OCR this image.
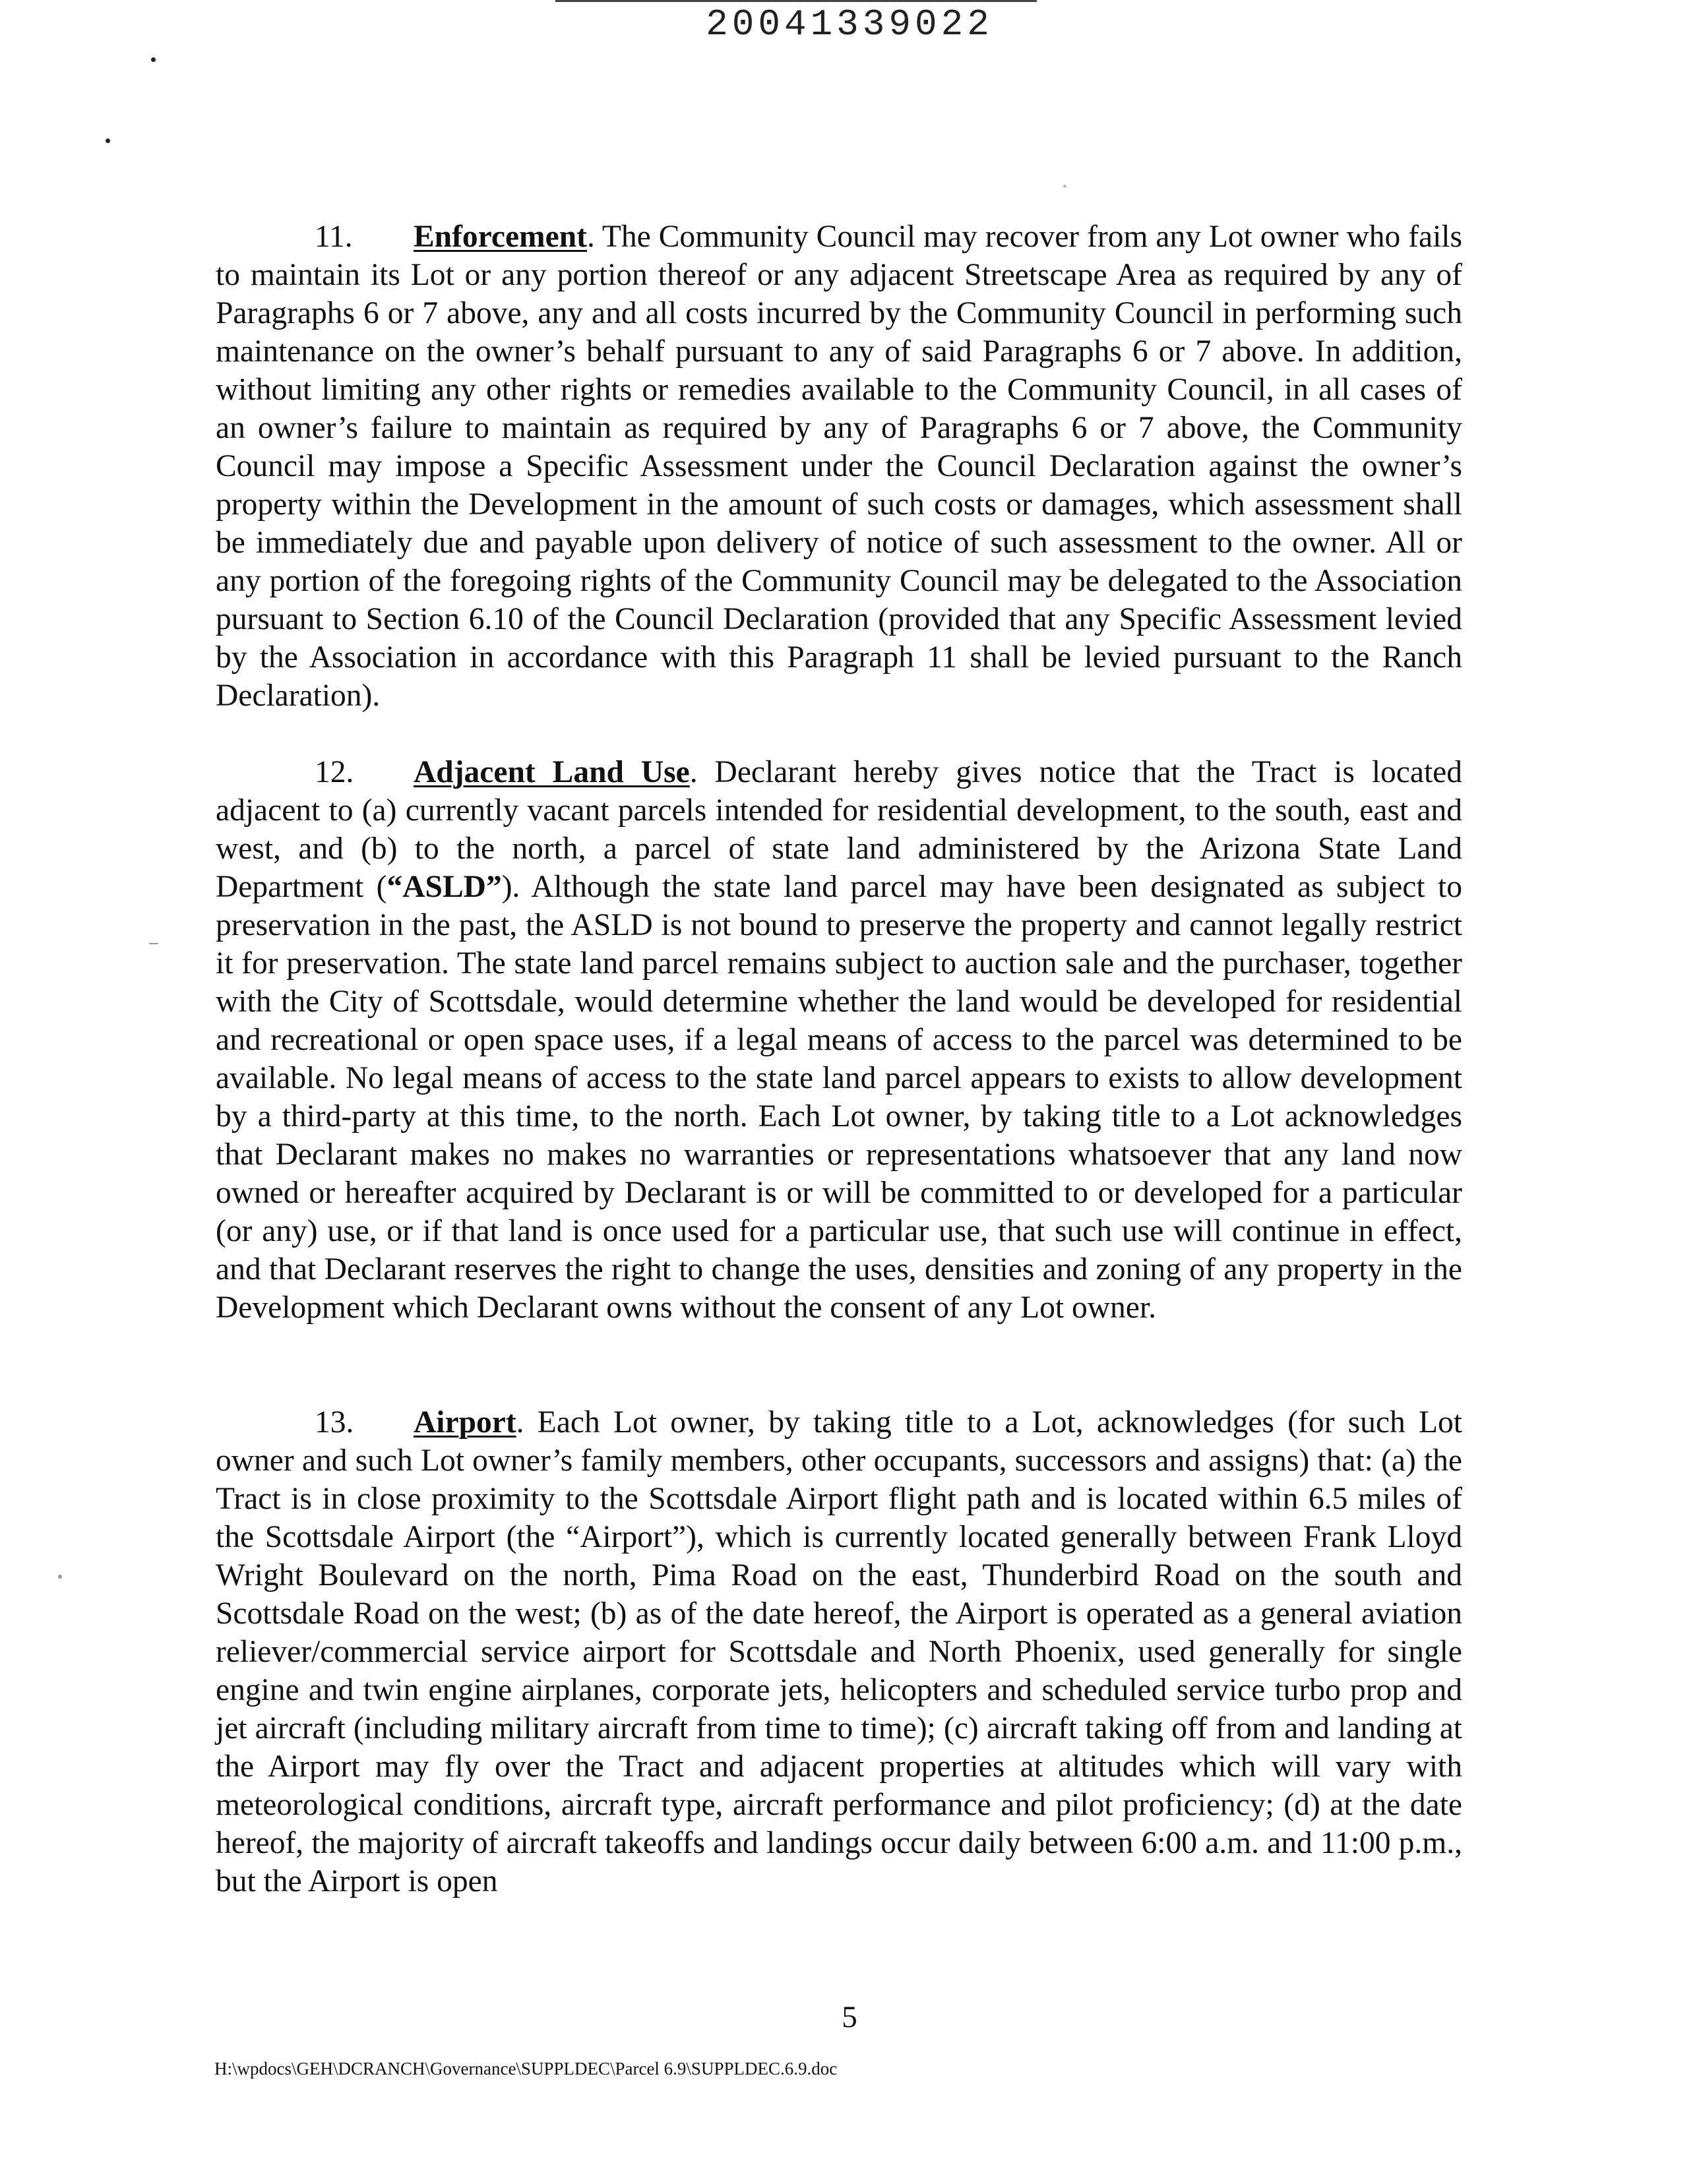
20041339022

11. Enforcement. The Community Council may recover from any Lot owner who fails to maintain its Lot or any portion thereof or any adjacent Streetscape Area as required by any of Paragraphs 6 or 7 above, any and all costs incurred by the Community Council in performing such maintenance on the owner’s behalf pursuant to any of said Paragraphs 6 or 7 above. In addition, without limiting any other rights or remedies available to the Community Council, in all cases of an owner’s failure to maintain as required by any of Paragraphs 6 or 7 above, the Community Council may impose a Specific Assessment under the Council Declaration against the owner’s property within the Development in the amount of such costs or damages, which assessment shall be immediately due and payable upon delivery of notice of such assessment to the owner. All or any portion of the foregoing rights of the Community Council may be delegated to the Association pursuant to Section 6.10 of the Council Declaration (provided that any Specific Assessment levied by the Association in accordance with this Paragraph 11 shall be levied pursuant to the Ranch Declaration).

12. Adjacent Land Use. Declarant hereby gives notice that the Tract is located adjacent to (a) currently vacant parcels intended for residential development, to the south, east and west, and (b) to the north, a parcel of state land administered by the Arizona State Land Department (“ASLD”). Although the state land parcel may have been designated as subject to preservation in the past, the ASLD is not bound to preserve the property and cannot legally restrict it for preservation. The state land parcel remains subject to auction sale and the purchaser, together with the City of Scottsdale, would determine whether the land would be developed for residential and recreational or open space uses, if a legal means of access to the parcel was determined to be available. No legal means of access to the state land parcel appears to exists to allow development by a third-party at this time, to the north. Each Lot owner, by taking title to a Lot acknowledges that Declarant makes no makes no warranties or representations whatsoever that any land now owned or hereafter acquired by Declarant is or will be committed to or developed for a particular (or any) use, or if that land is once used for a particular use, that such use will continue in effect, and that Declarant reserves the right to change the uses, densities and zoning of any property in the Development which Declarant owns without the consent of any Lot owner.

13. Airport. Each Lot owner, by taking title to a Lot, acknowledges (for such Lot owner and such Lot owner’s family members, other occupants, successors and assigns) that: (a) the Tract is in close proximity to the Scottsdale Airport flight path and is located within 6.5 miles of the Scottsdale Airport (the “Airport”), which is currently located generally between Frank Lloyd Wright Boulevard on the north, Pima Road on the east, Thunderbird Road on the south and Scottsdale Road on the west; (b) as of the date hereof, the Airport is operated as a general aviation reliever/commercial service airport for Scottsdale and North Phoenix, used generally for single engine and twin engine airplanes, corporate jets, helicopters and scheduled service turbo prop and jet aircraft (including military aircraft from time to time); (c) aircraft taking off from and landing at the Airport may fly over the Tract and adjacent properties at altitudes which will vary with meteorological conditions, aircraft type, aircraft performance and pilot proficiency; (d) at the date hereof, the majority of aircraft takeoffs and landings occur daily between 6:00 a.m. and 11:00 p.m., but the Airport is open

5
H:\wpdocs\GEH\DCRANCH\Governance\SUPPLDEC\Parcel 6.9\SUPPLDEC.6.9.doc
